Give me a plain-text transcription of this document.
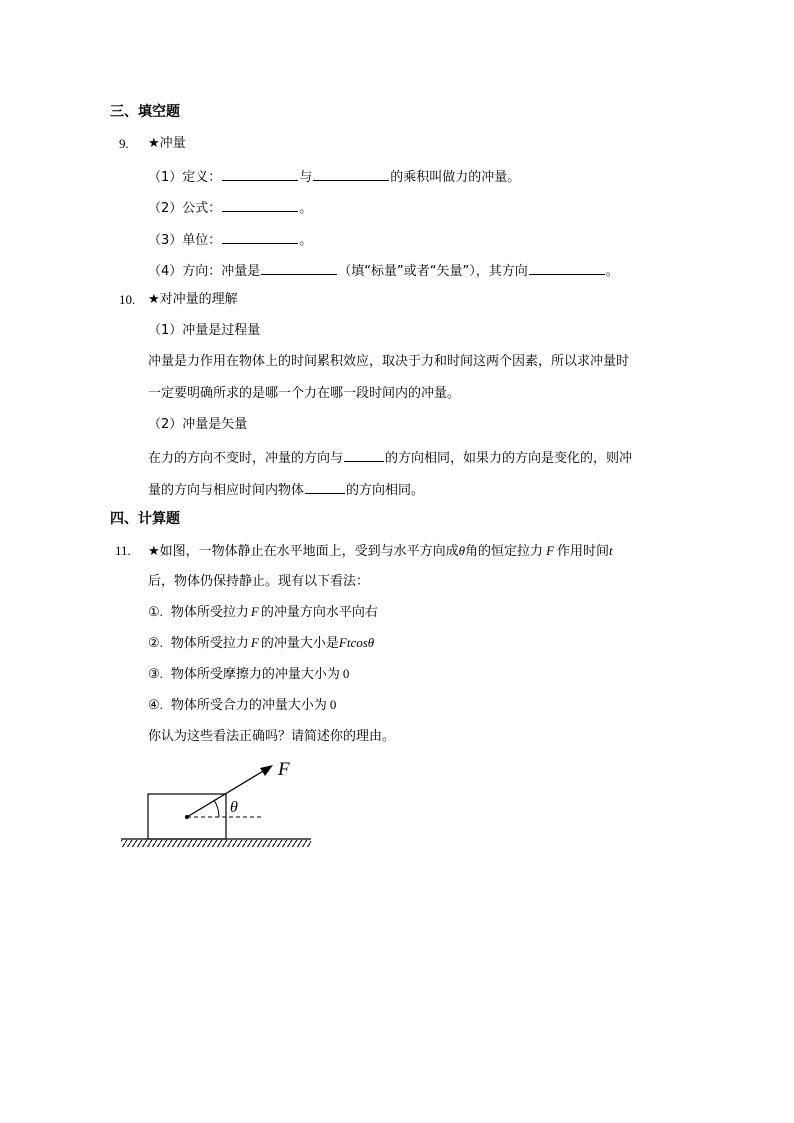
三、填空题
9. ★冲量
（1）定义：	与	的乘积叫做力的冲量。
（2）公式：	。
（3）单位：	。
（4）方向：冲量是	（填“标量”或者“矢量”），其方向	。
10. ★对冲量的理解
（1）冲量是过程量
冲量是力作用在物体上的时间累积效应，取决于力和时间这两个因素，所以求冲量时
一定要明确所求的是哪一个力在哪一段时间内的冲量。
（2）冲量是矢量
在力的方向不变时，冲量的方向与	的方向相同，如果力的方向是变化的，则冲
量的方向与相应时间内物体	的方向相同。
四、计算题
11. ★如图，一物体静止在水平地面上，受到与水平方向成θ角的恒定拉力 F 作用时间t
后，物体仍保持静止。现有以下看法：
①. 物体所受拉力 F 的冲量方向水平向右
②. 物体所受拉力 F 的冲量大小是Ftcosθ
③. 物体所受摩擦力的冲量大小为 0
④. 物体所受合力的冲量大小为 0
你认为这些看法正确吗？请简述你的理由。
F
θ
